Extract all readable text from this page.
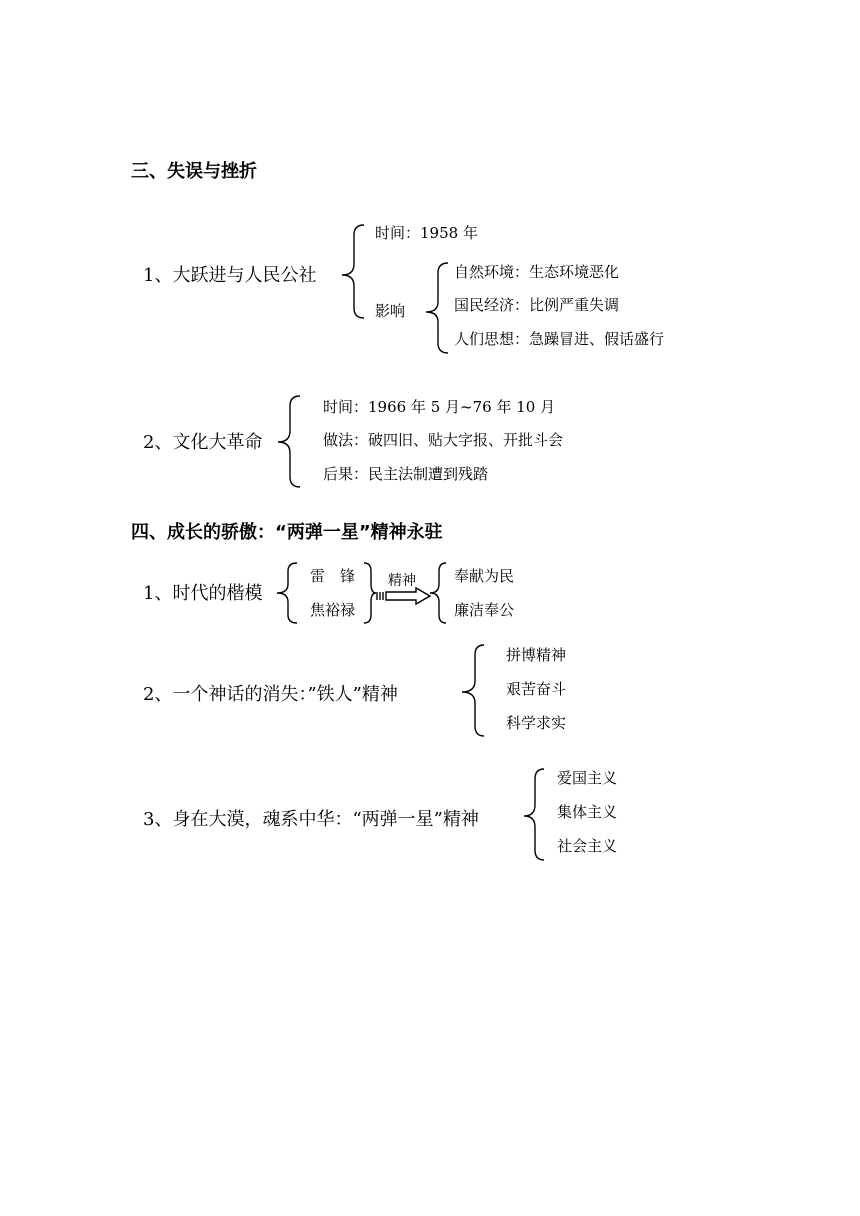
三、失误与挫折
1、大跃进与人民公社
时间：1958 年
影响
自然环境：生态环境恶化
国民经济：比例严重失调
人们思想：急躁冒进、假话盛行
2、文化大革命
时间：1966 年 5 月~76 年 10 月
做法：破四旧、贴大字报、开批斗会
后果：民主法制遭到残踏
四、成长的骄傲：“两弹一星”精神永驻
1、时代的楷模
雷　锋
焦裕禄
精神	奉献为民
廉洁奉公
2、一个神话的消失：”铁人”精神
拼博精神
艰苦奋斗
科学求实
3、身在大漠，魂系中华：“两弹一星”精神
爱国主义
集体主义
社会主义
